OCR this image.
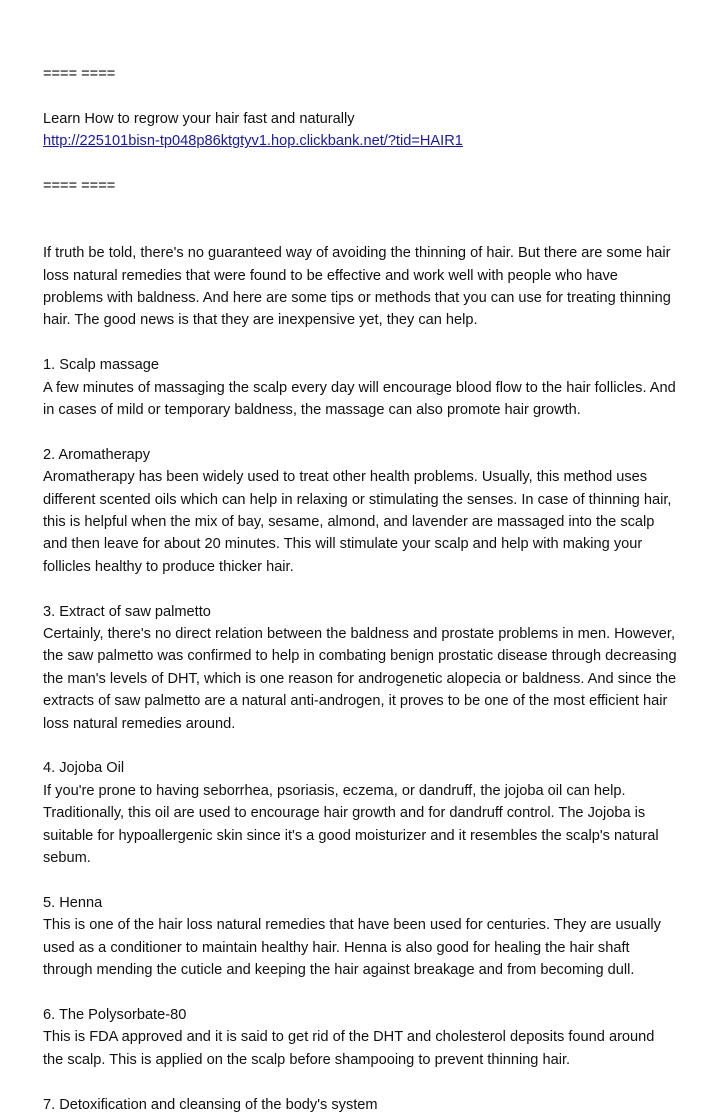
==== ====
Learn How to regrow your hair fast and naturally
http://225101bisn-tp048p86ktgtyv1.hop.clickbank.net/?tid=HAIR1
==== ====
If truth be told, there's no guaranteed way of avoiding the thinning of hair. But there are some hair
loss natural remedies that were found to be effective and work well with people who have
problems with baldness. And here are some tips or methods that you can use for treating thinning
hair. The good news is that they are inexpensive yet, they can help.
1. Scalp massage
A few minutes of massaging the scalp every day will encourage blood flow to the hair follicles. And
in cases of mild or temporary baldness, the massage can also promote hair growth.
2. Aromatherapy
Aromatherapy has been widely used to treat other health problems. Usually, this method uses
different scented oils which can help in relaxing or stimulating the senses. In case of thinning hair,
this is helpful when the mix of bay, sesame, almond, and lavender are massaged into the scalp
and then leave for about 20 minutes. This will stimulate your scalp and help with making your
follicles healthy to produce thicker hair.
3. Extract of saw palmetto
Certainly, there's no direct relation between the baldness and prostate problems in men. However,
the saw palmetto was confirmed to help in combating benign prostatic disease through decreasing
the man's levels of DHT, which is one reason for androgenetic alopecia or baldness. And since the
extracts of saw palmetto are a natural anti-androgen, it proves to be one of the most efficient hair
loss natural remedies around.
4. Jojoba Oil
If you're prone to having seborrhea, psoriasis, eczema, or dandruff, the jojoba oil can help.
Traditionally, this oil are used to encourage hair growth and for dandruff control. The Jojoba is
suitable for hypoallergenic skin since it's a good moisturizer and it resembles the scalp's natural
sebum.
5. Henna
This is one of the hair loss natural remedies that have been used for centuries. They are usually
used as a conditioner to maintain healthy hair. Henna is also good for healing the hair shaft
through mending the cuticle and keeping the hair against breakage and from becoming dull.
6. The Polysorbate-80
This is FDA approved and it is said to get rid of the DHT and cholesterol deposits found around
the scalp. This is applied on the scalp before shampooing to prevent thinning hair.
7. Detoxification and cleansing of the body's system
